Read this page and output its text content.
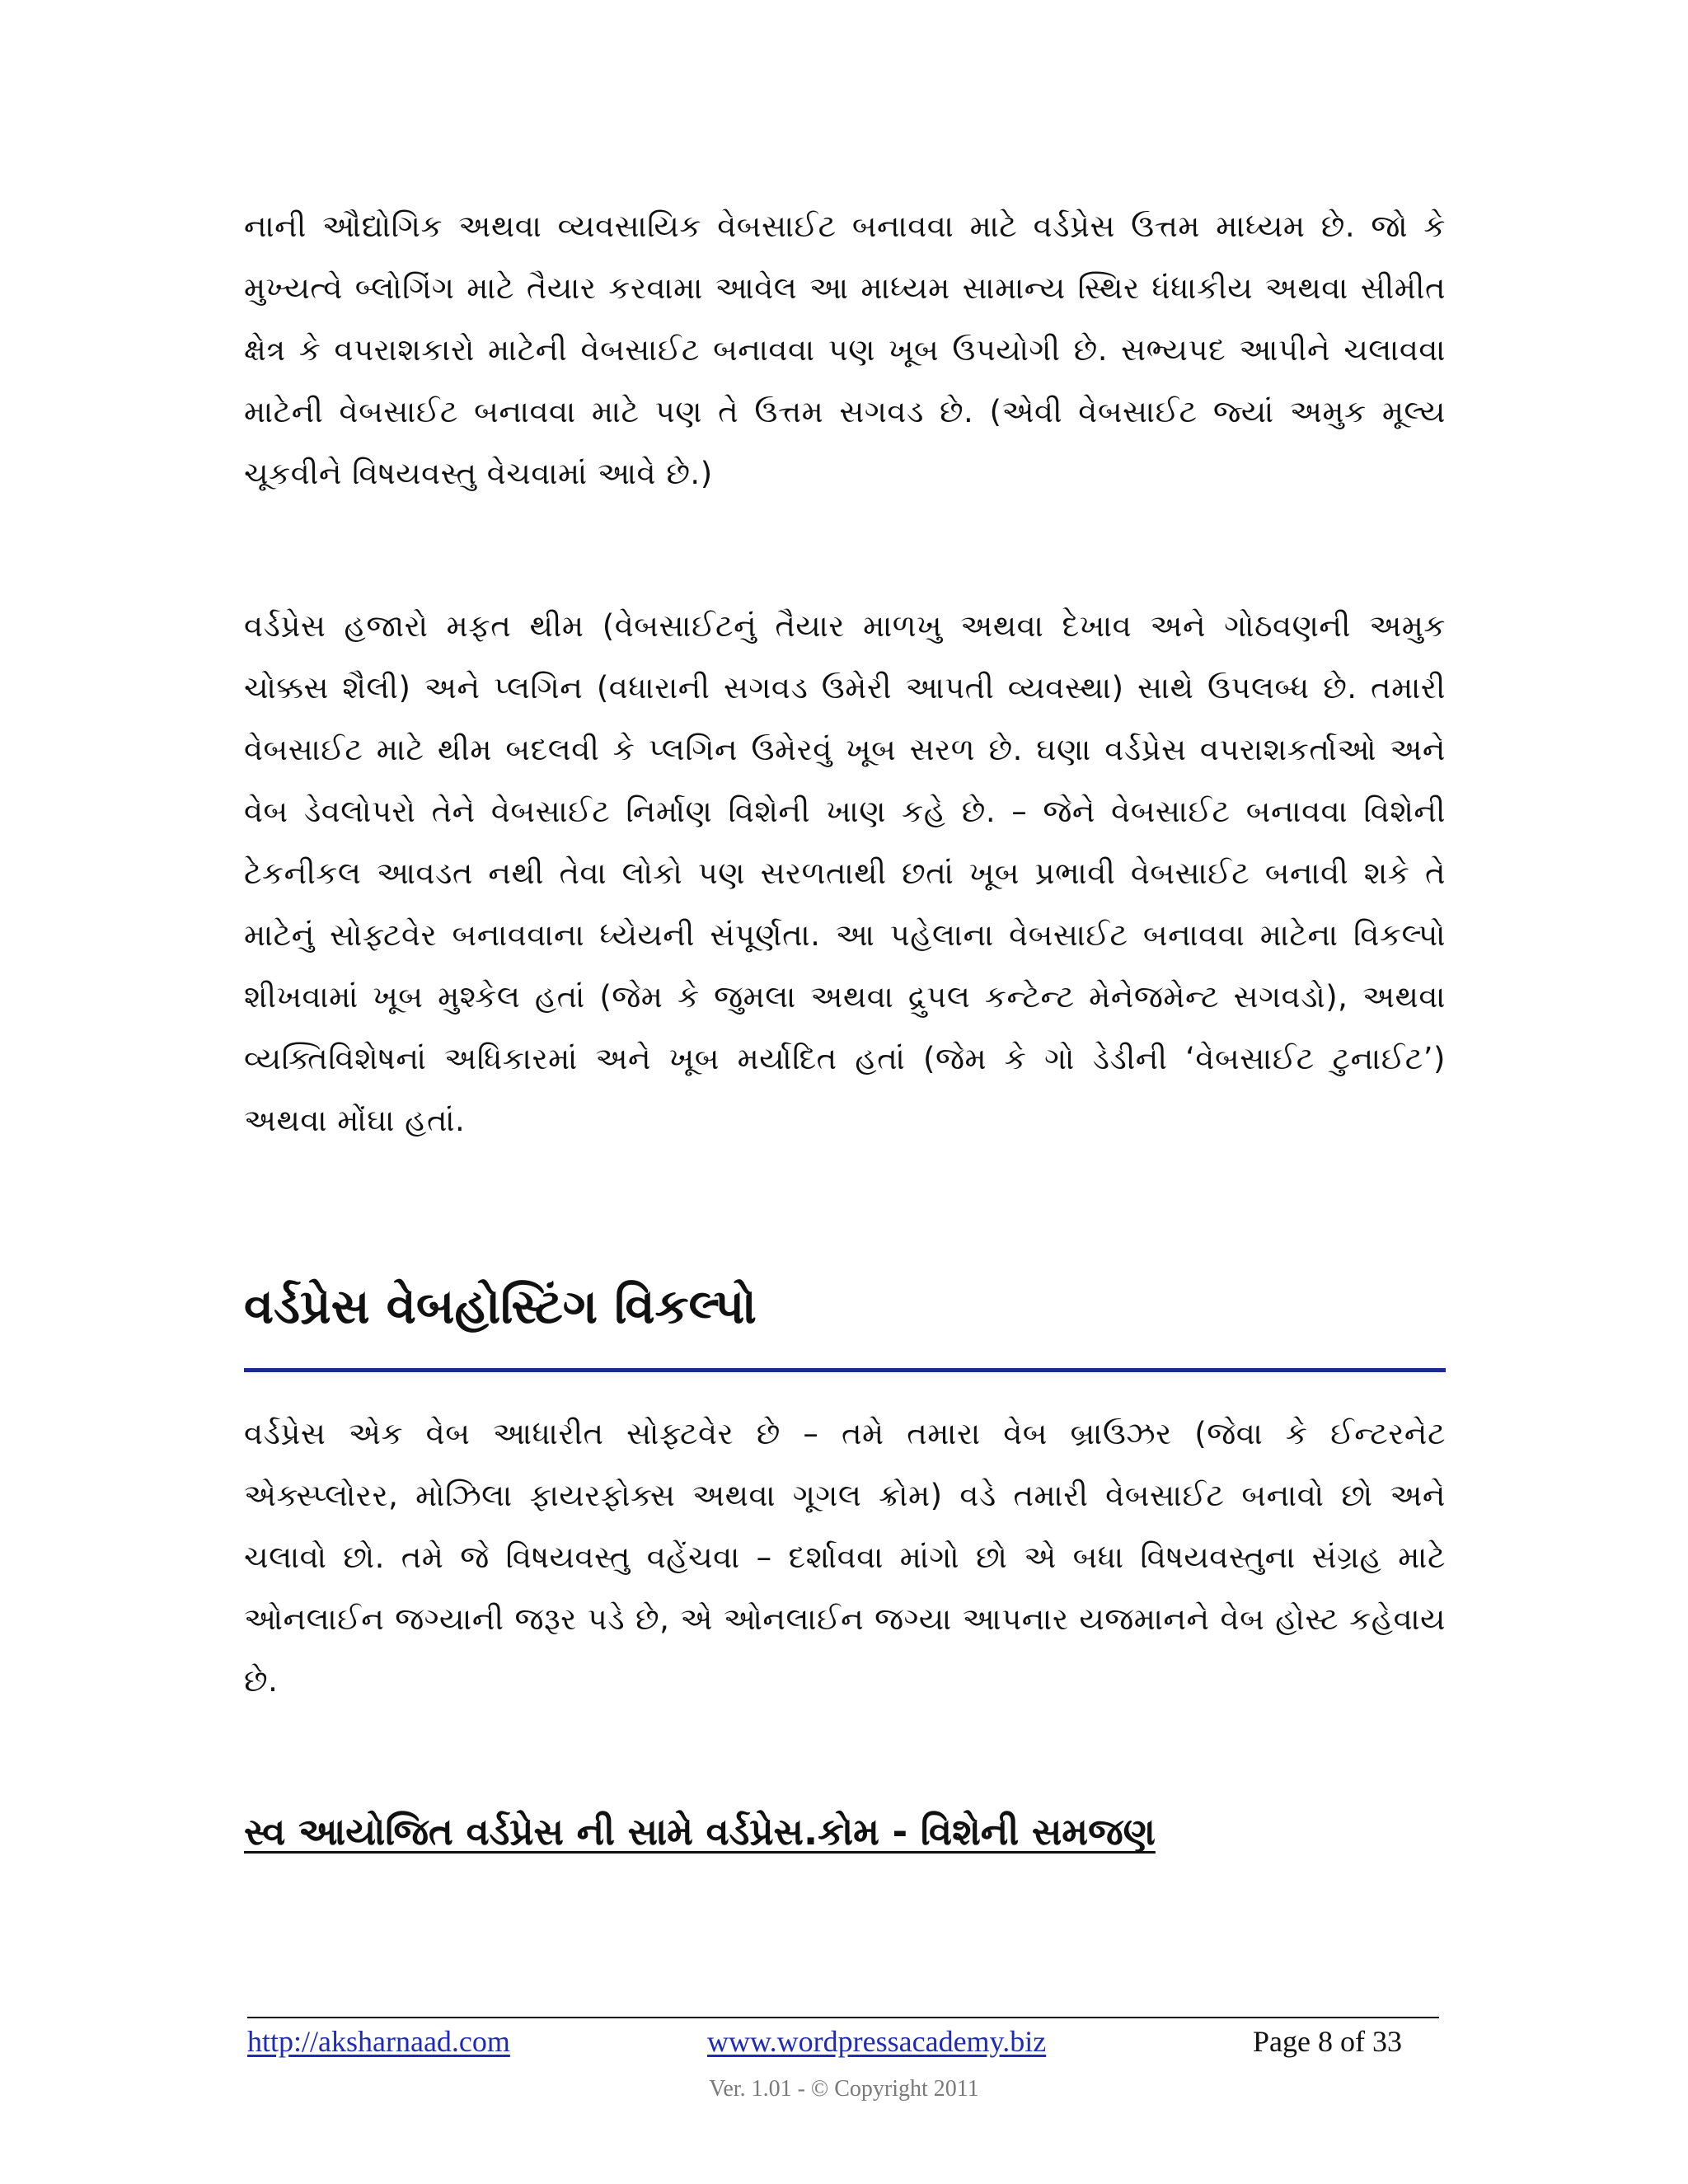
નાની ઔદ્યોગિક અથવા વ્યવસાયિક વેબસાઈટ બનાવવા માટે વર્ડપ્રેસ ઉત્તમ માધ્યમ છે. જો કે મુખ્યત્વે બ્લોગિંગ માટે તૈયાર કરવામા આવેલ આ માધ્યમ સામાન્ય સ્થિર ધંધાકીય અથવા સીમીત ક્ષેત્ર કે વપરાશકારો માટેની વેબસાઈટ બનાવવા પણ ખૂબ ઉપયોગી છે. સભ્યપદ આપીને ચલાવવા માટેની વેબસાઈટ બનાવવા માટે પણ તે ઉત્તમ સગવડ છે. (એવી વેબસાઈટ જ્યાં અમુક મૂલ્ય ચૂકવીને વિષયવસ્તુ વેચવામાં આવે છે.)

વર્ડપ્રેસ હજારો મફત થીમ (વેબસાઈટનું તૈયાર માળખુ અથવા દેખાવ અને ગોઠવણની અમુક ચોક્કસ શૈલી) અને પ્લગિન (વધારાની સગવડ ઉમેરી આપતી વ્યવસ્થા) સાથે ઉપલબ્ધ છે. તમારી વેબસાઈટ માટે થીમ બદલવી કે પ્લગિન ઉમેરવું ખૂબ સરળ છે. ઘણા વર્ડપ્રેસ વપરાશકર્તાઓ અને વેબ ડેવલોપરો તેને વેબસાઈટ નિર્માણ વિશેની ખાણ કહે છે. – જેને વેબસાઈટ બનાવવા વિશેની ટેકનીકલ આવડત નથી તેવા લોકો પણ સરળતાથી છતાં ખૂબ પ્રભાવી વેબસાઈટ બનાવી શકે તે માટેનું સોફ્ટવેર બનાવવાના ધ્યેયની સંપૂર્ણતા. આ પહેલાના વેબસાઈટ બનાવવા માટેના વિકલ્પો શીખવામાં ખૂબ મુશ્કેલ હતાં (જેમ કે જુમલા અથવા દ્રુપલ કન્ટેન્ટ મેનેજમેન્ટ સગવડો), અથવા વ્યક્તિવિશેષનાં અધિકારમાં અને ખૂબ મર્યાદિત હતાં (જેમ કે ગો ડેડીની ‘વેબસાઈટ ટુનાઈટ’) અથવા મોંઘા હતાં.

વર્ડપ્રેસ વેબહોસ્ટિંગ વિકલ્પો

વર્ડપ્રેસ એક વેબ આધારીત સોફ્ટવેર છે – તમે તમારા વેબ બ્રાઉઝર (જેવા કે ઈન્ટરનેટ એક્સ્પ્લોરર, મોઝિલા ફાયરફોક્સ અથવા ગૂગલ ક્રોમ) વડે તમારી વેબસાઈટ બનાવો છો અને ચલાવો છો. તમે જે વિષયવસ્તુ વહેંચવા – દર્શાવવા માંગો છો એ બધા વિષયવસ્તુના સંગ્રહ માટે ઓનલાઈન જગ્યાની જરૂર પડે છે, એ ઓનલાઈન જગ્યા આપનાર યજમાનને વેબ હોસ્ટ કહેવાય છે.

સ્વ આયોજિત વર્ડપ્રેસ ની સામે વર્ડપ્રેસ.કોમ - વિશેની સમજણ
http://aksharnaad.com	www.wordpressacademy.biz	Page 8 of 33
Ver. 1.01 - © Copyright 2011
